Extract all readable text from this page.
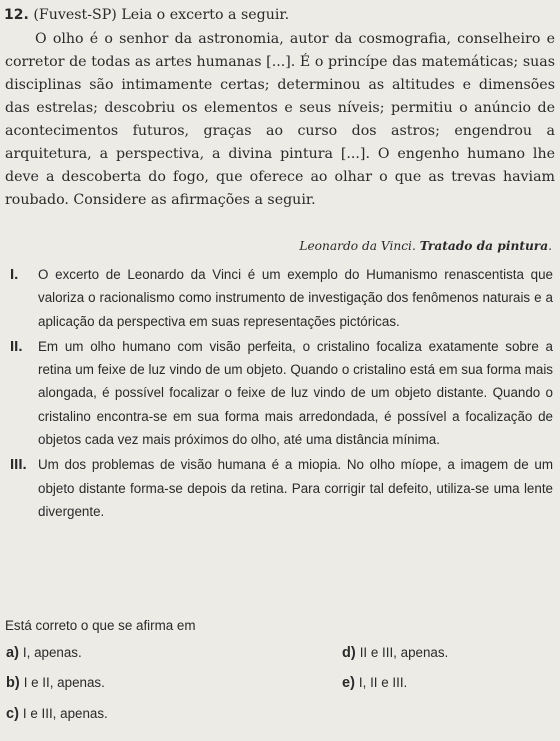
12. (Fuvest-SP) Leia o excerto a seguir.
O olho é o senhor da astronomia, autor da cosmografia, conselheiro e corretor de todas as artes humanas [...]. É o princípe das matemáticas; suas disciplinas são intimamente certas; determinou as altitudes e dimensões das estrelas; descobriu os elementos e seus níveis; permitiu o anúncio de acontecimentos futuros, graças ao curso dos astros; engendrou a arquitetura, a perspectiva, a divina pintura [...]. O engenho humano lhe deve a descoberta do fogo, que oferece ao olhar o que as trevas haviam roubado. Considere as afirmações a seguir.
Leonardo da Vinci. Tratado da pintura.
I.	O excerto de Leonardo da Vinci é um exemplo do Humanismo renascentista que valoriza o racionalismo como instrumento de investigação dos fenômenos naturais e a aplicação da perspectiva em suas representações pictóricas.
II.	Em um olho humano com visão perfeita, o cristalino focaliza exatamente sobre a retina um feixe de luz vindo de um objeto. Quando o cristalino está em sua forma mais alongada, é possível focalizar o feixe de luz vindo de um objeto distante. Quando o cristalino encontra-se em sua forma mais arredondada, é possível a focalização de objetos cada vez mais próximos do olho, até uma distância mínima.
III. Um dos problemas de visão humana é a miopia. No olho míope, a imagem de um objeto distante forma-se depois da retina. Para corrigir tal defeito, utiliza-se uma lente divergente.
Está correto o que se afirma em
a) I, apenas.
b) I e II, apenas.
c) I e III, apenas.
d) II e III, apenas.
e) I, II e III.
